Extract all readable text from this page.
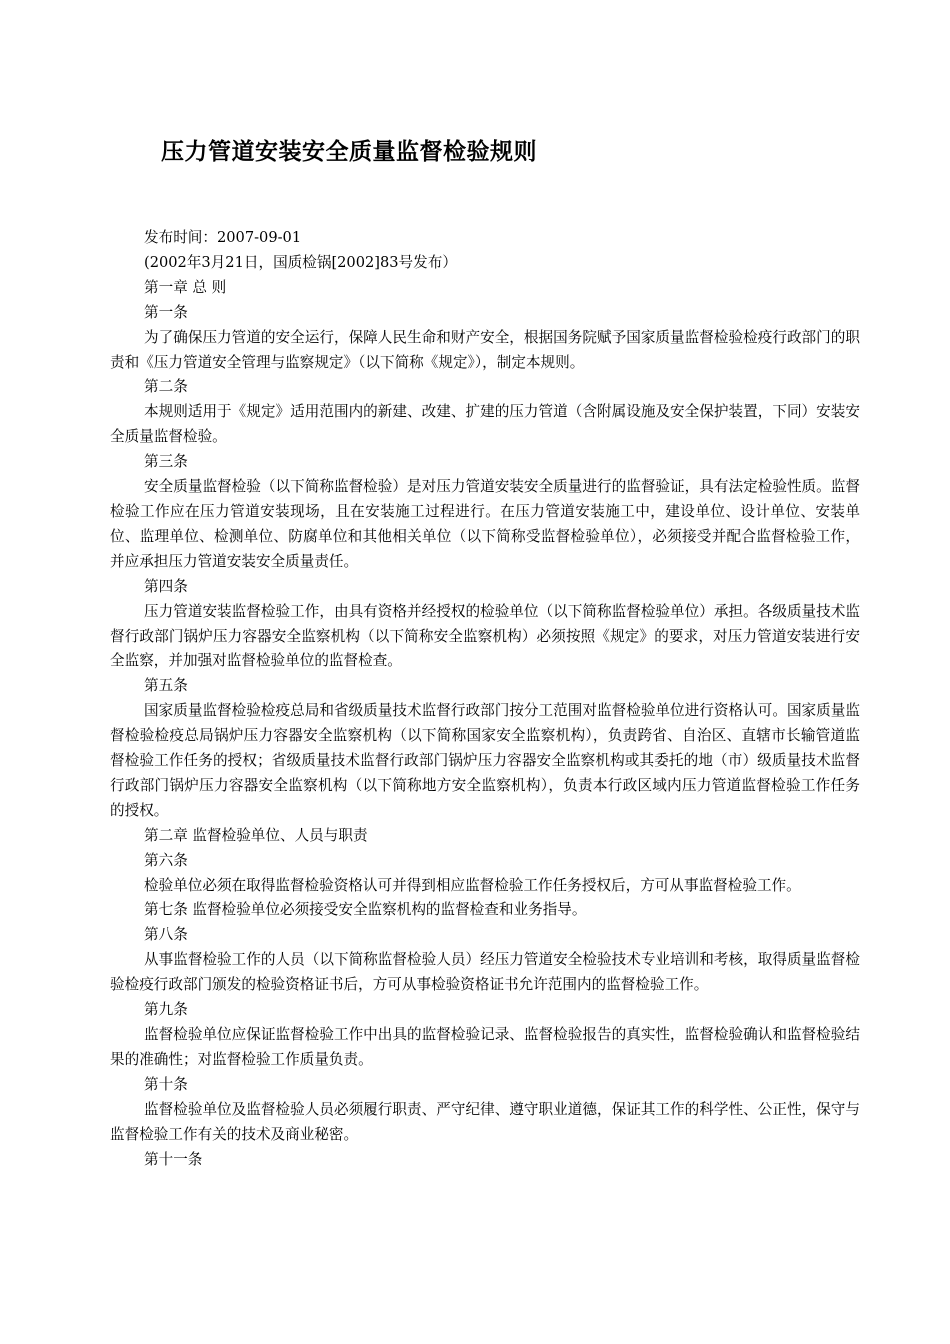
压力管道安装安全质量监督检验规则

发布时间：2007-09-01

(2002年3月21日，国质检锅[2002]83号发布）

第一章 总 则

第一条

为了确保压力管道的安全运行，保障人民生命和财产安全，根据国务院赋予国家质量监督检验检疫行政部门的职责和《压力管道安全管理与监察规定》（以下简称《规定》），制定本规则。

第二条

本规则适用于《规定》适用范围内的新建、改建、扩建的压力管道（含附属设施及安全保护装置，下同）安装安全质量监督检验。

第三条

安全质量监督检验（以下简称监督检验）是对压力管道安装安全质量进行的监督验证，具有法定检验性质。监督检验工作应在压力管道安装现场，且在安装施工过程进行。在压力管道安装施工中，建设单位、设计单位、安装单位、监理单位、检测单位、防腐单位和其他相关单位（以下简称受监督检验单位），必须接受并配合监督检验工作，并应承担压力管道安装安全质量责任。

第四条

压力管道安装监督检验工作，由具有资格并经授权的检验单位（以下简称监督检验单位）承担。各级质量技术监督行政部门锅炉压力容器安全监察机构（以下简称安全监察机构）必须按照《规定》的要求，对压力管道安装进行安全监察，并加强对监督检验单位的监督检查。

第五条

国家质量监督检验检疫总局和省级质量技术监督行政部门按分工范围对监督检验单位进行资格认可。国家质量监督检验检疫总局锅炉压力容器安全监察机构（以下简称国家安全监察机构），负责跨省、自治区、直辖市长输管道监督检验工作任务的授权；省级质量技术监督行政部门锅炉压力容器安全监察机构或其委托的地（市）级质量技术监督行政部门锅炉压力容器安全监察机构（以下简称地方安全监察机构），负责本行政区域内压力管道监督检验工作任务的授权。

第二章 监督检验单位、人员与职责

第六条

检验单位必须在取得监督检验资格认可并得到相应监督检验工作任务授权后，方可从事监督检验工作。

第七条 监督检验单位必须接受安全监察机构的监督检查和业务指导。

第八条

从事监督检验工作的人员（以下简称监督检验人员）经压力管道安全检验技术专业培训和考核，取得质量监督检验检疫行政部门颁发的检验资格证书后，方可从事检验资格证书允许范围内的监督检验工作。

第九条

监督检验单位应保证监督检验工作中出具的监督检验记录、监督检验报告的真实性，监督检验确认和监督检验结果的准确性；对监督检验工作质量负责。

第十条

监督检验单位及监督检验人员必须履行职责、严守纪律、遵守职业道德，保证其工作的科学性、公正性，保守与监督检验工作有关的技术及商业秘密。

第十一条
